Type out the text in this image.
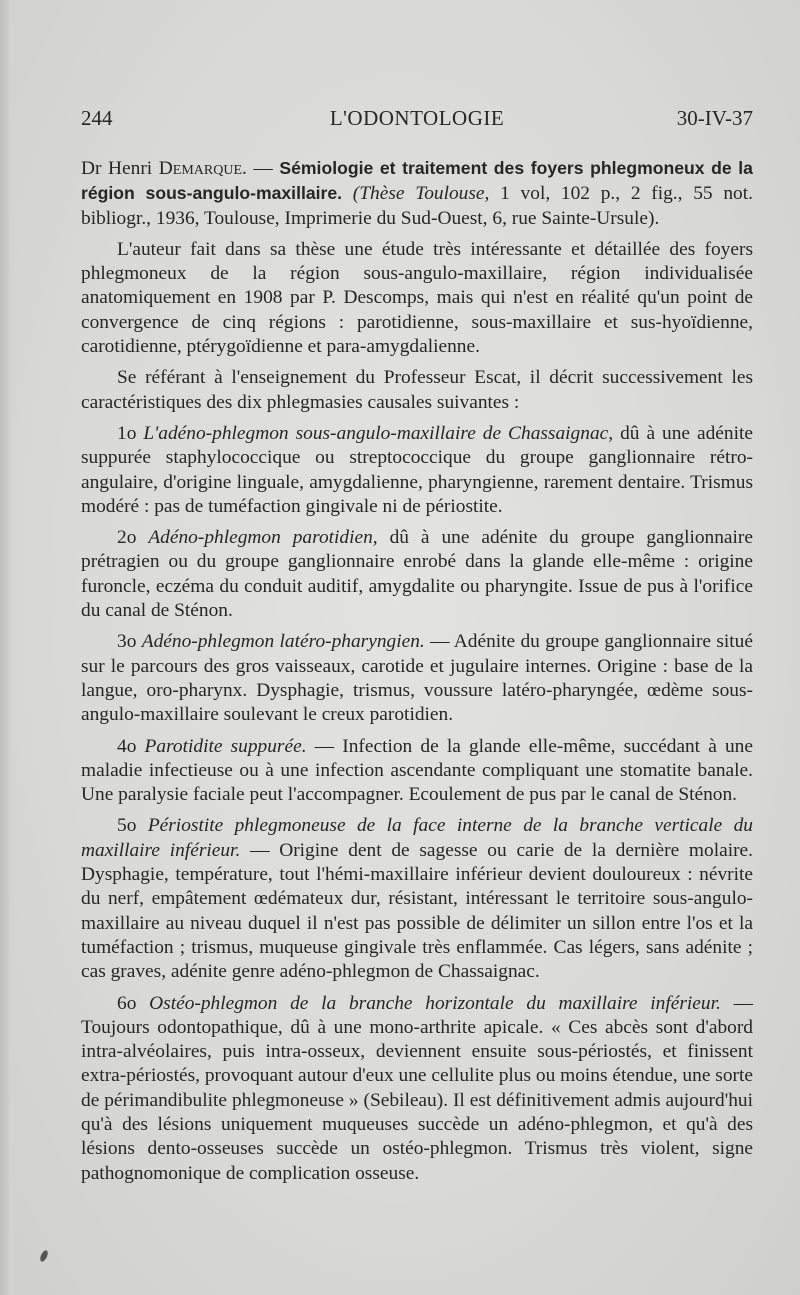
244	L'ODONTOLOGIE	30-IV-37

Dr Henri Demarque. — Sémiologie et traitement des foyers phlegmoneux de la région sous-angulo-maxillaire. (Thèse Toulouse, 1 vol, 102 p., 2 fig., 55 not. bibliogr., 1936, Toulouse, Imprimerie du Sud-Ouest, 6, rue Sainte-Ursule).

L'auteur fait dans sa thèse une étude très intéressante et détaillée des foyers phlegmoneux de la région sous-angulo-maxillaire, région individualisée anatomiquement en 1908 par P. Descomps, mais qui n'est en réalité qu'un point de convergence de cinq régions : parotidienne, sous-maxillaire et sus-hyoïdienne, carotidienne, ptérygoïdienne et para-amygdalienne.

Se référant à l'enseignement du Professeur Escat, il décrit successivement les caractéristiques des dix phlegmasies causales suivantes :

1o L'adéno-phlegmon sous-angulo-maxillaire de Chassaignac, dû à une adénite suppurée staphylococcique ou streptococcique du groupe ganglionnaire rétro-angulaire, d'origine linguale, amygdalienne, pharyngienne, rarement dentaire. Trismus modéré : pas de tuméfaction gingivale ni de périostite.

2o Adéno-phlegmon parotidien, dû à une adénite du groupe ganglionnaire prétragien ou du groupe ganglionnaire enrobé dans la glande elle-même : origine furoncle, eczéma du conduit auditif, amygdalite ou pharyngite. Issue de pus à l'orifice du canal de Sténon.

3o Adéno-phlegmon latéro-pharyngien. — Adénite du groupe ganglionnaire situé sur le parcours des gros vaisseaux, carotide et jugulaire internes. Origine : base de la langue, oro-pharynx. Dysphagie, trismus, voussure latéro-pharyngée, œdème sous-angulo-maxillaire soulevant le creux parotidien.

4o Parotidite suppurée. — Infection de la glande elle-même, succédant à une maladie infectieuse ou à une infection ascendante compliquant une stomatite banale. Une paralysie faciale peut l'accompagner. Ecoulement de pus par le canal de Sténon.

5o Périostite phlegmoneuse de la face interne de la branche verticale du maxillaire inférieur. — Origine dent de sagesse ou carie de la dernière molaire. Dysphagie, température, tout l'hémi-maxillaire inférieur devient douloureux : névrite du nerf, empâtement œdémateux dur, résistant, intéressant le territoire sous-angulo-maxillaire au niveau duquel il n'est pas possible de délimiter un sillon entre l'os et la tuméfaction ; trismus, muqueuse gingivale très enflammée. Cas légers, sans adénite ; cas graves, adénite genre adéno-phlegmon de Chassaignac.

6o Ostéo-phlegmon de la branche horizontale du maxillaire inférieur. — Toujours odontopathique, dû à une mono-arthrite apicale. « Ces abcès sont d'abord intra-alvéolaires, puis intra-osseux, deviennent ensuite sous-périostés, et finissent extra-périostés, provoquant autour d'eux une cellulite plus ou moins étendue, une sorte de périmandibulite phlegmoneuse » (Sebileau). Il est définitivement admis aujourd'hui qu'à des lésions uniquement muqueuses succède un adéno-phlegmon, et qu'à des lésions dento-osseuses succède un ostéo-phlegmon. Trismus très violent, signe pathognomonique de complication osseuse.
